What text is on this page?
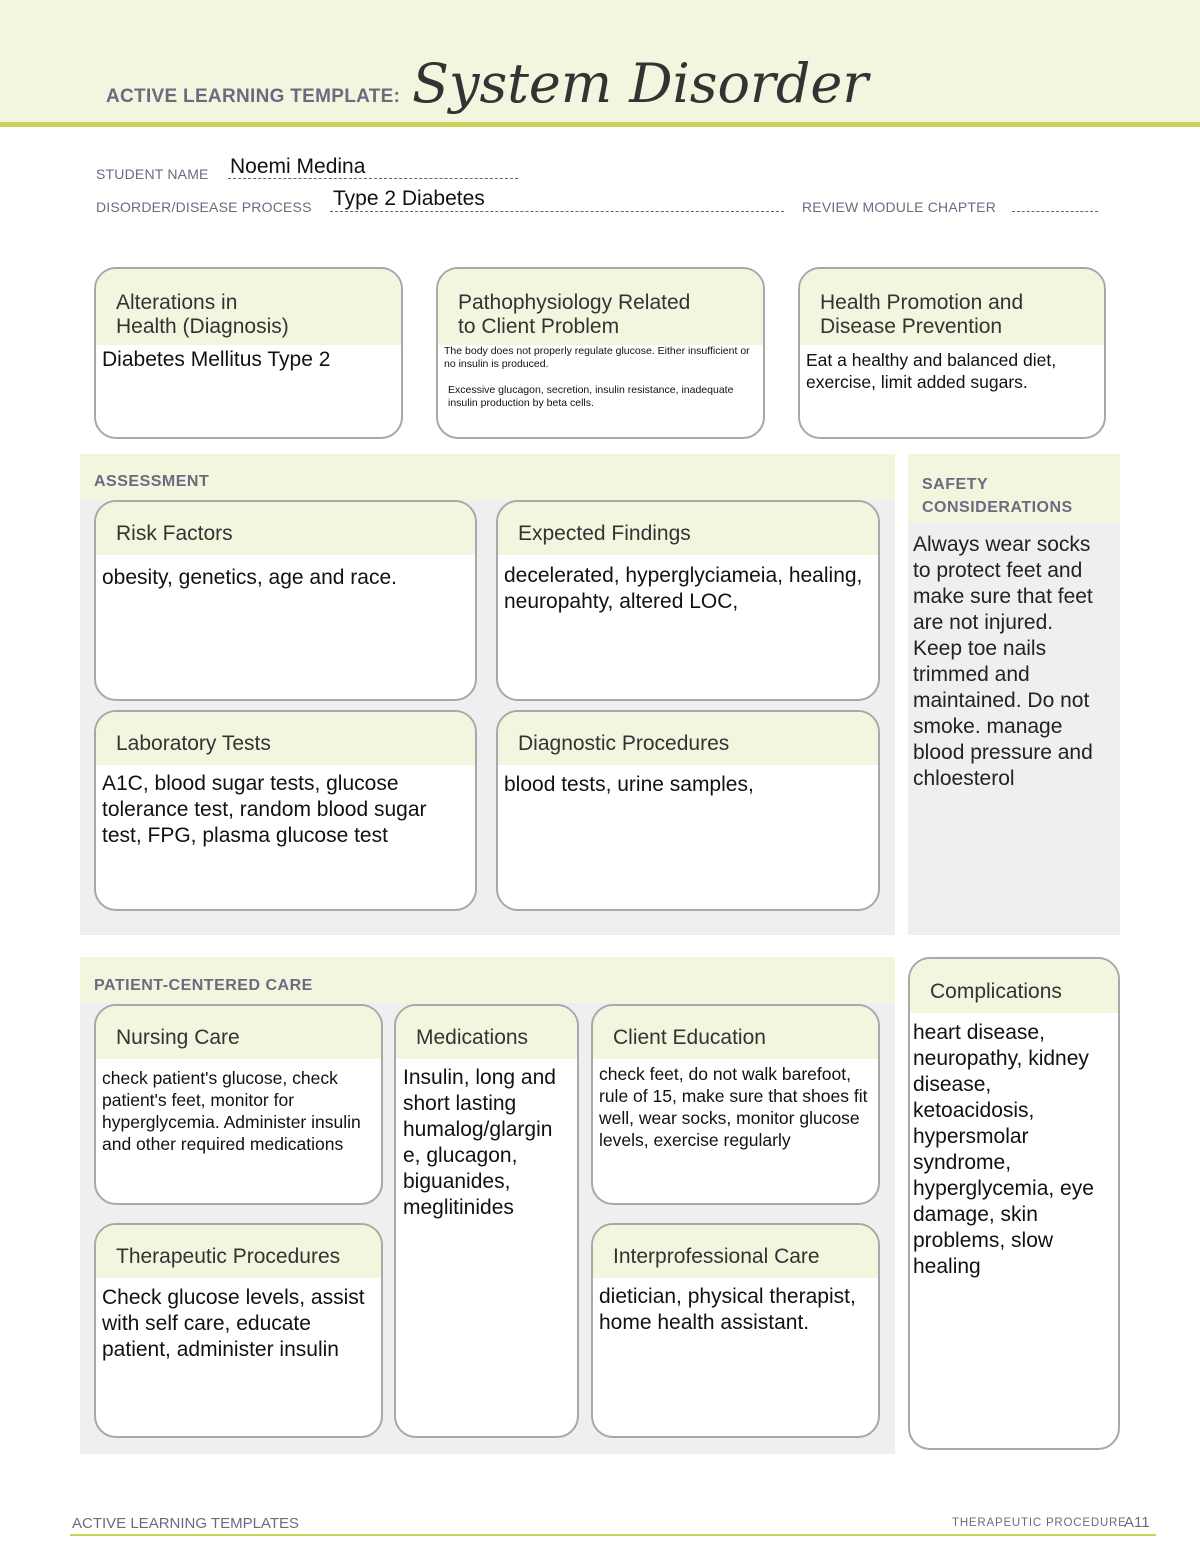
ACTIVE LEARNING TEMPLATE: System Disorder
STUDENT NAME Noemi Medina
DISORDER/DISEASE PROCESS Type 2 Diabetes	REVIEW MODULE CHAPTER
Alterations in
Health (Diagnosis)
Diabetes Mellitus Type 2
Pathophysiology Related
to Client Problem
The body does not properly regulate glucose. Either insufficient or no insulin is produced.
Excessive glucagon, secretion, insulin resistance, inadequate insulin production by beta cells.
Health Promotion and
Disease Prevention
Eat a healthy and balanced diet, exercise, limit added sugars.
ASSESSMENT
Risk Factors
obesity, genetics, age and race.
Expected Findings
decelerated, hyperglyciameia, healing, neuropahty, altered LOC,
Laboratory Tests
A1C, blood sugar tests, glucose tolerance test, random blood sugar test, FPG, plasma glucose test
Diagnostic Procedures
blood tests, urine samples,
SAFETY
CONSIDERATIONS
Always wear socks to protect feet and make sure that feet are not injured. Keep toe nails trimmed and maintained. Do not smoke. manage blood pressure and chloesterol
PATIENT-CENTERED CARE
Nursing Care
check patient's glucose, check patient's feet, monitor for hyperglycemia. Administer insulin and other required medications
Medications
Insulin, long and short lasting humalog/glargin e, glucagon, biguanides, meglitinides
Client Education
check feet, do not walk barefoot, rule of 15, make sure that shoes fit well, wear socks, monitor glucose levels, exercise regularly
Therapeutic Procedures
Check glucose levels, assist with self care, educate patient, administer insulin
Interprofessional Care
dietician, physical therapist, home health assistant.
Complications
heart disease, neuropathy, kidney disease, ketoacidosis, hypersmolar syndrome, hyperglycemia, eye damage, skin problems, slow healing
ACTIVE LEARNING TEMPLATES	THERAPEUTIC PROCEDURE
A11
